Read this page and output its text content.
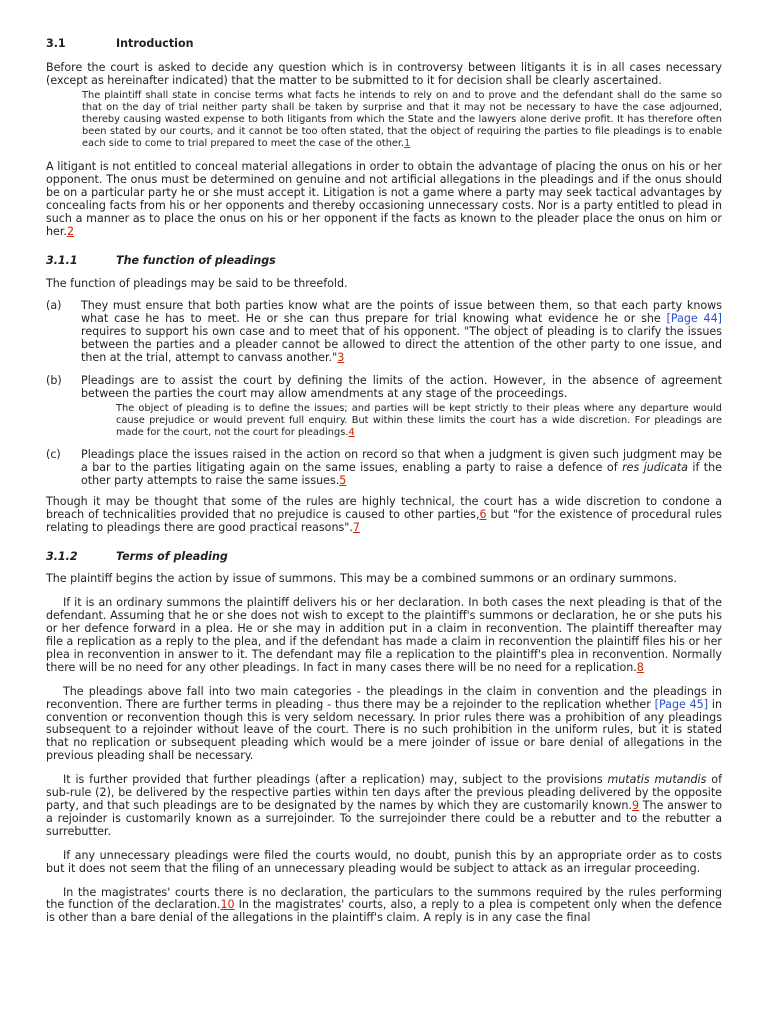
3.1	Introduction

Before the court is asked to decide any question which is in controversy between litigants it is in all cases necessary (except as hereinafter indicated) that the matter to be submitted to it for decision shall be clearly ascertained.

The plaintiff shall state in concise terms what facts he intends to rely on and to prove and the defendant shall do the same so that on the day of trial neither party shall be taken by surprise and that it may not be necessary to have the case adjourned, thereby causing wasted expense to both litigants from which the State and the lawyers alone derive profit. It has therefore often been stated by our courts, and it cannot be too often stated, that the object of requiring the parties to file pleadings is to enable each side to come to trial prepared to meet the case of the other.1

A litigant is not entitled to conceal material allegations in order to obtain the advantage of placing the onus on his or her opponent. The onus must be determined on genuine and not artificial allegations in the pleadings and if the onus should be on a particular party he or she must accept it. Litigation is not a game where a party may seek tactical advantages by concealing facts from his or her opponents and thereby occasioning unnecessary costs. Nor is a party entitled to plead in such a manner as to place the onus on his or her opponent if the facts as known to the pleader place the onus on him or her.2

3.1.1	The function of pleadings

The function of pleadings may be said to be threefold.

(a)	They must ensure that both parties know what are the points of issue between them, so that each party knows what case he has to meet. He or she can thus prepare for trial knowing what evidence he or she [Page 44] requires to support his own case and to meet that of his opponent. "The object of pleading is to clarify the issues between the parties and a pleader cannot be allowed to direct the attention of the other party to one issue, and then at the trial, attempt to canvass another."3

(b)	Pleadings are to assist the court by defining the limits of the action. However, in the absence of agreement between the parties the court may allow amendments at any stage of the proceedings.

The object of pleading is to define the issues; and parties will be kept strictly to their pleas where any departure would cause prejudice or would prevent full enquiry. But within these limits the court has a wide discretion. For pleadings are made for the court, not the court for pleadings.4

(c)	Pleadings place the issues raised in the action on record so that when a judgment is given such judgment may be a bar to the parties litigating again on the same issues, enabling a party to raise a defence of res judicata if the other party attempts to raise the same issues.5

Though it may be thought that some of the rules are highly technical, the court has a wide discretion to condone a breach of technicalities provided that no prejudice is caused to other parties,6 but "for the existence of procedural rules relating to pleadings there are good practical reasons".7

3.1.2	Terms of pleading

The plaintiff begins the action by issue of summons. This may be a combined summons or an ordinary summons.

If it is an ordinary summons the plaintiff delivers his or her declaration. In both cases the next pleading is that of the defendant. Assuming that he or she does not wish to except to the plaintiff's summons or declaration, he or she puts his or her defence forward in a plea. He or she may in addition put in a claim in reconvention. The plaintiff thereafter may file a replication as a reply to the plea, and if the defendant has made a claim in reconvention the plaintiff files his or her plea in reconvention in answer to it. The defendant may file a replication to the plaintiff's plea in reconvention. Normally there will be no need for any other pleadings. In fact in many cases there will be no need for a replication.8

The pleadings above fall into two main categories - the pleadings in the claim in convention and the pleadings in reconvention. There are further terms in pleading - thus there may be a rejoinder to the replication whether [Page 45] in convention or reconvention though this is very seldom necessary. In prior rules there was a prohibition of any pleadings subsequent to a rejoinder without leave of the court. There is no such prohibition in the uniform rules, but it is stated that no replication or subsequent pleading which would be a mere joinder of issue or bare denial of allegations in the previous pleading shall be necessary.

It is further provided that further pleadings (after a replication) may, subject to the provisions mutatis mutandis of sub-rule (2), be delivered by the respective parties within ten days after the previous pleading delivered by the opposite party, and that such pleadings are to be designated by the names by which they are customarily known.9 The answer to a rejoinder is customarily known as a surrejoinder. To the surrejoinder there could be a rebutter and to the rebutter a surrebutter.

If any unnecessary pleadings were filed the courts would, no doubt, punish this by an appropriate order as to costs but it does not seem that the filing of an unnecessary pleading would be subject to attack as an irregular proceeding.

In the magistrates' courts there is no declaration, the particulars to the summons required by the rules performing the function of the declaration.10 In the magistrates' courts, also, a reply to a plea is competent only when the defence is other than a bare denial of the allegations in the plaintiff's claim. A reply is in any case the final
